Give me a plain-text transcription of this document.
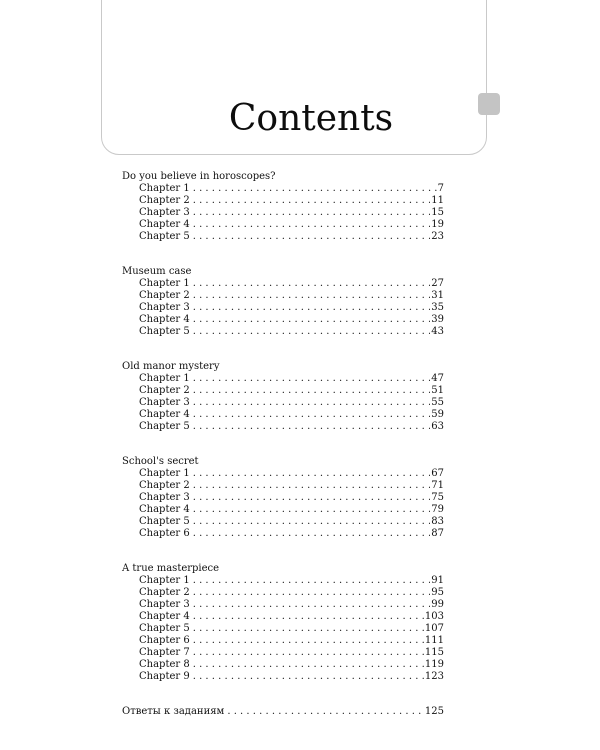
Contents
Do you believe in horoscopes?
Chapter 1 . . .	7
Chapter 2 . . .	11
Chapter 3 . . .	15
Chapter 4 . . .	19
Chapter 5 . . .	23
Museum case
Chapter 1 . . .	27
Chapter 2 . . .	31
Chapter 3 . . .	35
Chapter 4 . . .	39
Chapter 5 . . .	43
Old manor mystery
Chapter 1 . . .	47
Chapter 2 . . .	51
Chapter 3 . . .	55
Chapter 4 . . .	59
Chapter 5 . . .	63
School's secret
Chapter 1 . . .	67
Chapter 2 . . .	71
Chapter 3 . . .	75
Chapter 4 . . .	79
Chapter 5 . . .	83
Chapter 6 . . .	87
A true masterpiece
Chapter 1 . . .	91
Chapter 2 . . .	95
Chapter 3 . . .	99
Chapter 4 . . .	103
Chapter 5 . . .	107
Chapter 6 . . .	111
Chapter 7 . . .	115
Chapter 8 . . .	119
Chapter 9 . . .	123
Ответы к заданиям . . .	125
